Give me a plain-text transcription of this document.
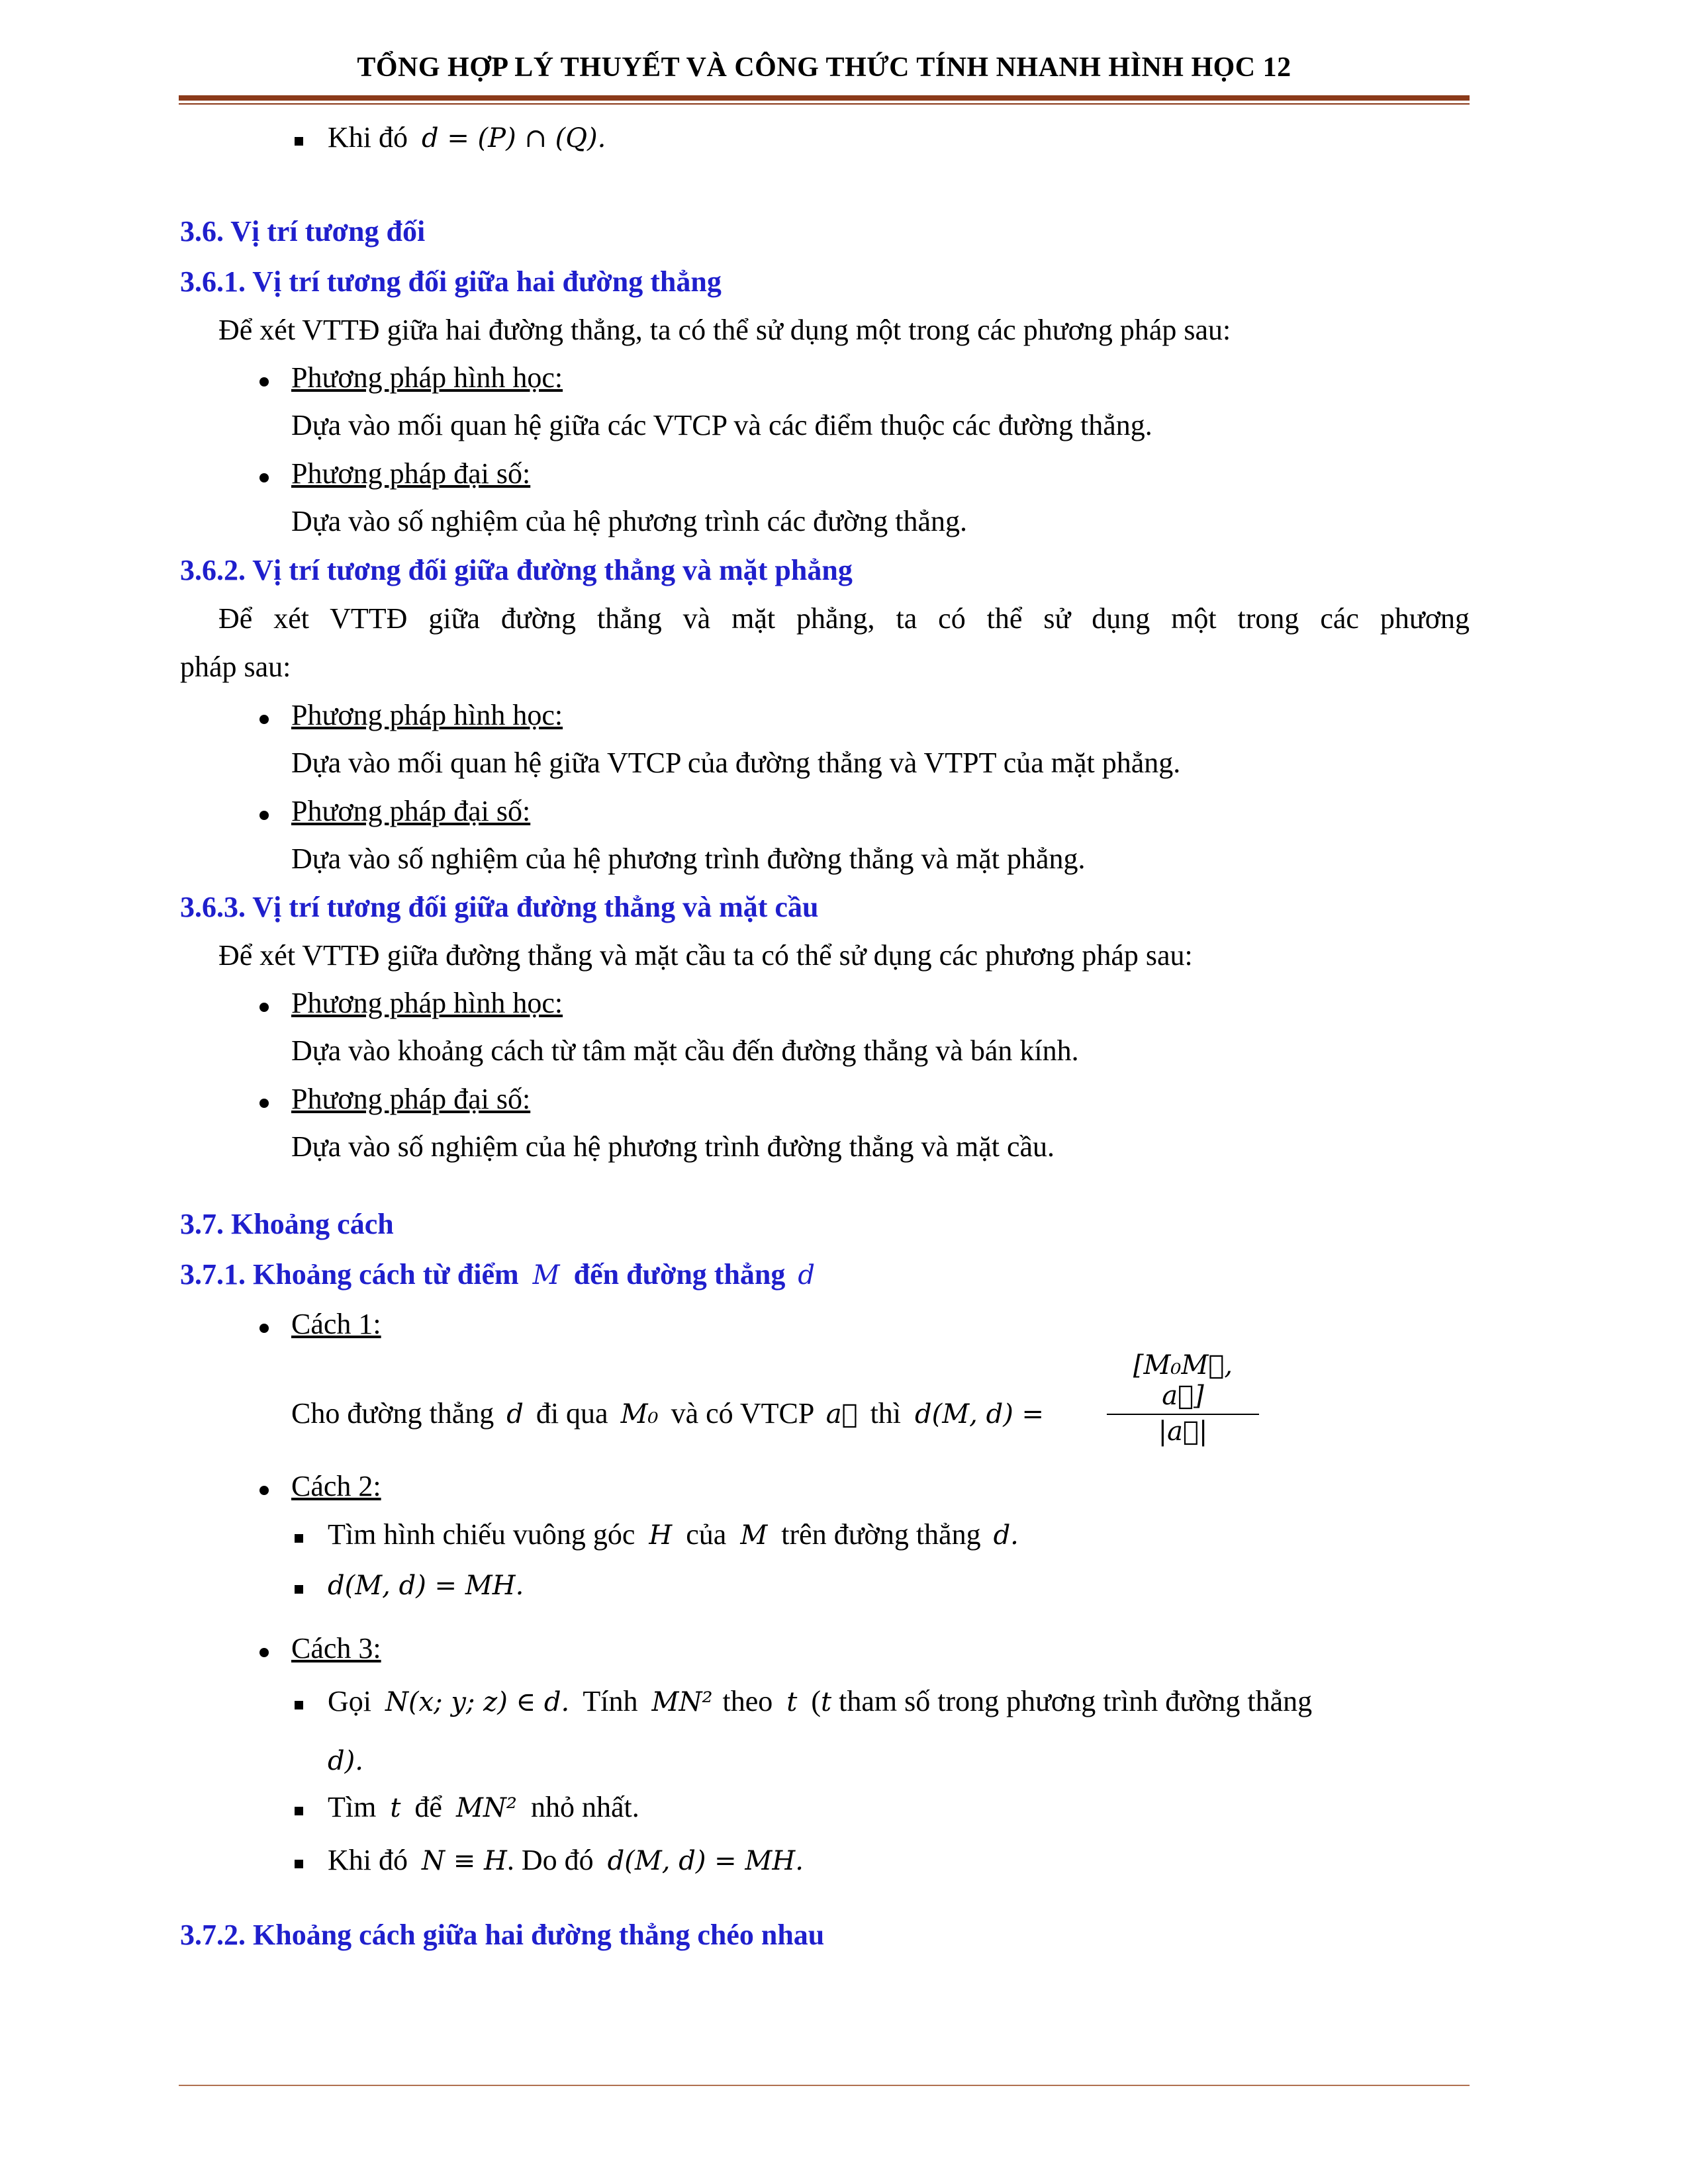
TỔNG HỢP LÝ THUYẾT VÀ CÔNG THỨC TÍNH NHANH HÌNH HỌC 12
Khi đó d = (P) ∩ (Q).
3.6. Vị trí tương đối
3.6.1. Vị trí tương đối giữa hai đường thẳng
Để xét VTTĐ giữa hai đường thẳng, ta có thể sử dụng một trong các phương pháp sau:
Phương pháp hình học:
Dựa vào mối quan hệ giữa các VTCP và các điểm thuộc các đường thẳng.
Phương pháp đại số:
Dựa vào số nghiệm của hệ phương trình các đường thẳng.
3.6.2. Vị trí tương đối giữa đường thẳng và mặt phẳng
Để xét VTTĐ giữa đường thẳng và mặt phẳng, ta có thể sử dụng một trong các phương
pháp sau:
Phương pháp hình học:
Dựa vào mối quan hệ giữa VTCP của đường thẳng và VTPT của mặt phẳng.
Phương pháp đại số:
Dựa vào số nghiệm của hệ phương trình đường thẳng và mặt phẳng.
3.6.3. Vị trí tương đối giữa đường thẳng và mặt cầu
Để xét VTTĐ giữa đường thẳng và mặt cầu ta có thể sử dụng các phương pháp sau:
Phương pháp hình học:
Dựa vào khoảng cách từ tâm mặt cầu đến đường thẳng và bán kính.
Phương pháp đại số:
Dựa vào số nghiệm của hệ phương trình đường thẳng và mặt cầu.
3.7. Khoảng cách
3.7.1. Khoảng cách từ điểm M đến đường thẳng d
Cách 1:
Cho đường thẳng d đi qua M₀ và có VTCP a⃗ thì d(M, $d) = \frac{\text{[M₀M⃗, a⃗]}}{|a⃗|}$
Cách 2:
Tìm hình chiếu vuông góc H của M trên đường thẳng d.
d(M, d) = MH.
Cách 3:
Gọi N(x; y; z) ∈ d. Tính MN² theo t (t tham số trong phương trình đường thẳng
d).
Tìm t để MN² nhỏ nhất.
Khi đó N ≡ H. Do đó d(M, d) = MH.
3.7.2. Khoảng cách giữa hai đường thẳng chéo nhau
